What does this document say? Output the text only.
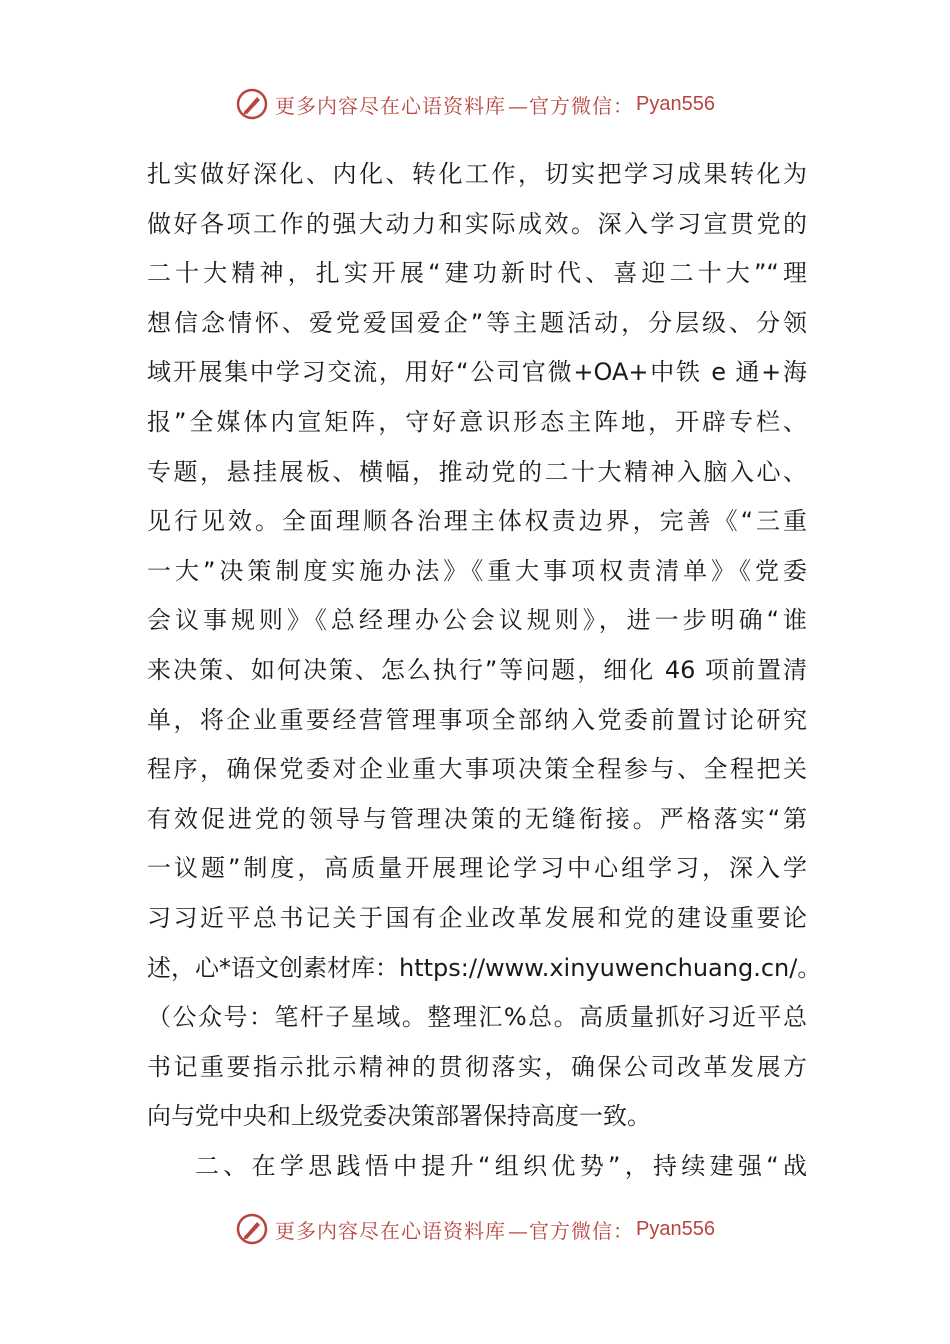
更多内容尽在心语资料库 —官方微信： Pyan556
扎实做好深化、内化、转化工作，切实把学习成果转化为
做好各项工作的强大动力和实际成效。深入学习宣贯党的
二十大精神，扎实开展“建功新时代、喜迎二十大”“理
想信念情怀、爱党爱国爱企”等主题活动，分层级、分领
域开展集中学习交流，用好“公司官微+OA+中铁 e 通+海
报”全媒体内宣矩阵，守好意识形态主阵地，开辟专栏、
专题，悬挂展板、横幅，推动党的二十大精神入脑入心、
见行见效。全面理顺各治理主体权责边界，完善《“三重
一大”决策制度实施办法》《重大事项权责清单》《党委
会议事规则》《总经理办公会议规则》，进一步明确“谁
来决策、如何决策、怎么执行”等问题，细化 46 项前置清
单，将企业重要经营管理事项全部纳入党委前置讨论研究
程序，确保党委对企业重大事项决策全程参与、全程把关
有效促进党的领导与管理决策的无缝衔接。严格落实“第
一议题”制度，高质量开展理论学习中心组学习，深入学
习习近平总书记关于国有企业改革发展和党的建设重要论
述，心*语文创素材库：https://www.xinyuwenchuang.cn/。
（公众号：笔杆子星域。整理汇%总。高质量抓好习近平总
书记重要指示批示精神的贯彻落实，确保公司改革发展方
向与党中央和上级党委决策部署保持高度一致。
二、在学思践悟中提升“组织优势”，持续建强“战
更多内容尽在心语资料库 —官方微信： Pyan556
